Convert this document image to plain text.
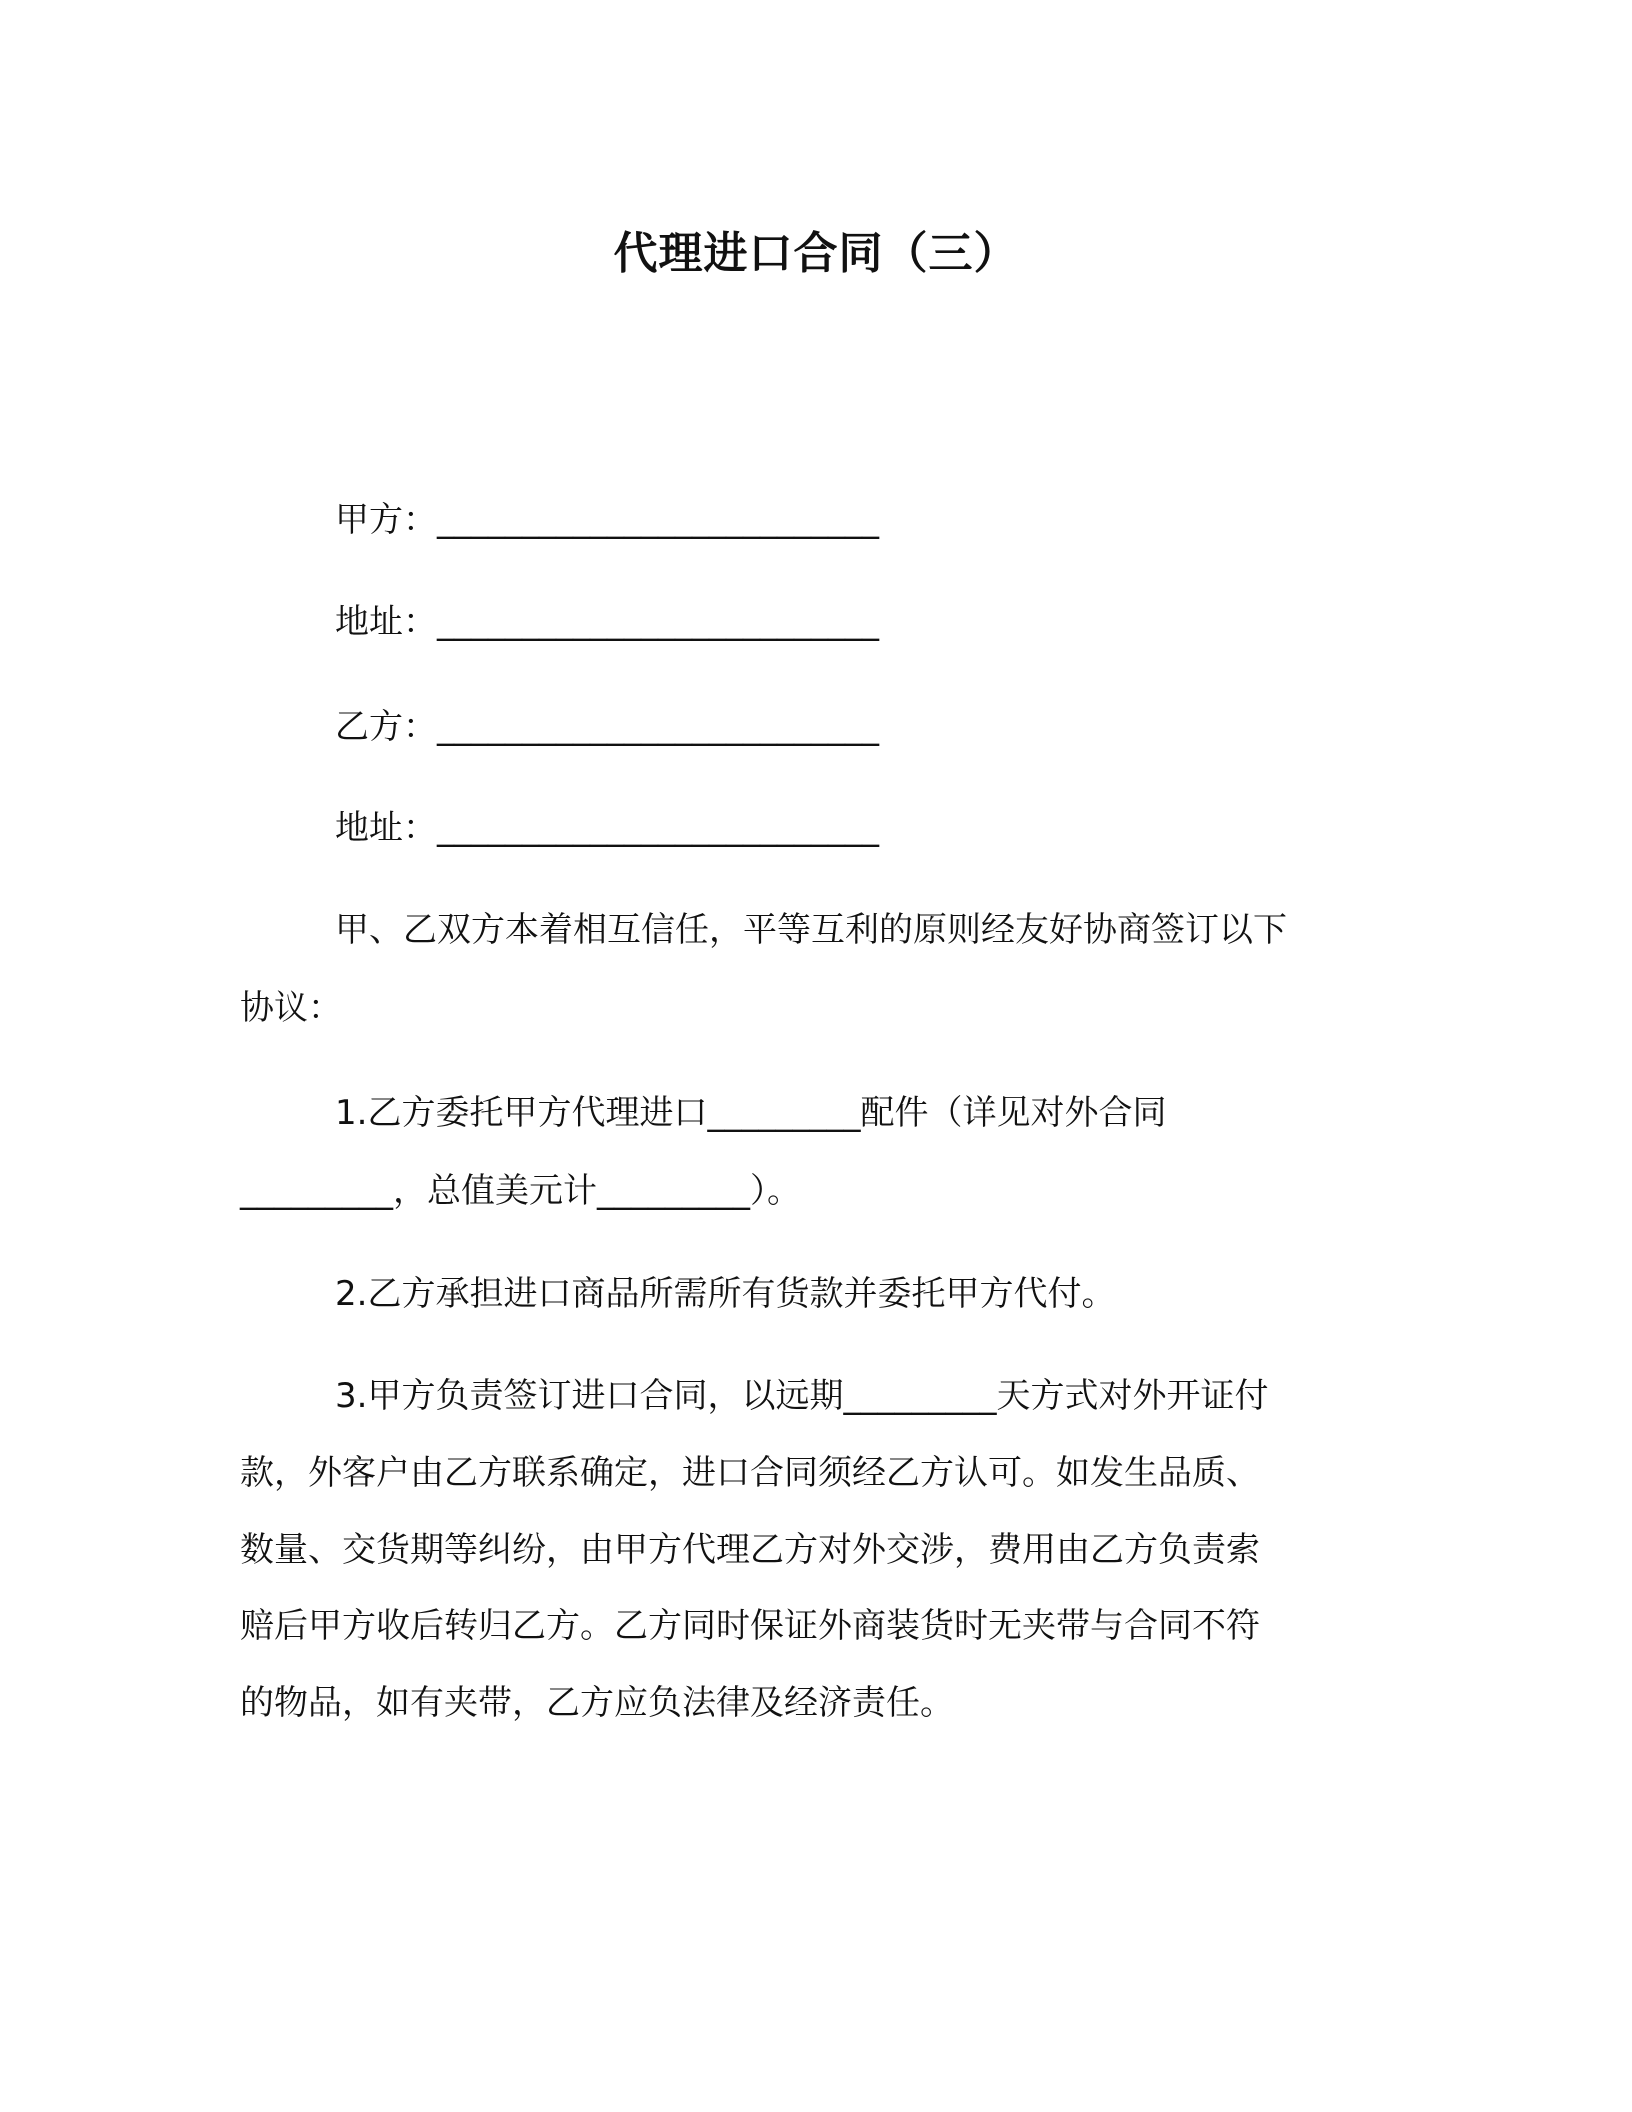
代理进口合同（三）
甲方：__________________________
地址：__________________________
乙方：__________________________
地址：__________________________
甲、乙双方本着相互信任，平等互利的原则经友好协商签订以下
协议：
1.乙方委托甲方代理进口_________配件（详见对外合同
_________，总值美元计_________）。
2.乙方承担进口商品所需所有货款并委托甲方代付。
3.甲方负责签订进口合同，以远期_________天方式对外开证付
款，外客户由乙方联系确定，进口合同须经乙方认可。如发生品质、
数量、交货期等纠纷，由甲方代理乙方对外交涉，费用由乙方负责索
赔后甲方收后转归乙方。乙方同时保证外商装货时无夹带与合同不符
的物品，如有夹带，乙方应负法律及经济责任。
